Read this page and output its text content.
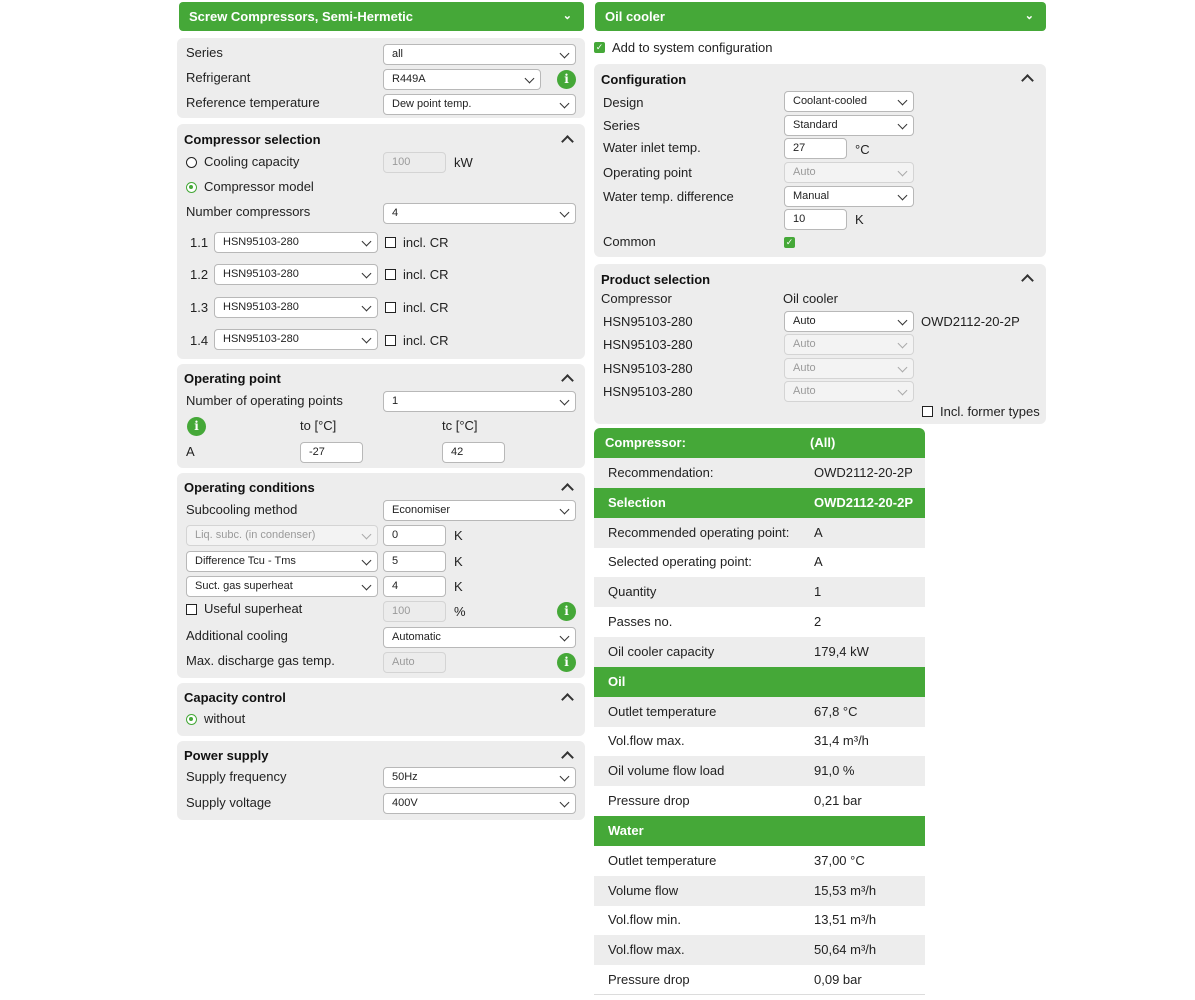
Screw Compressors, Semi-Hermetic	⌄
Series	all
Refrigerant	R449A	i
Reference temperature	Dew point temp.
Compressor selection
Cooling capacity	100	kW
Compressor model
Number compressors	4
1.1	HSN95103-280	incl. CR
1.2	HSN95103-280	incl. CR
1.3	HSN95103-280	incl. CR
1.4	HSN95103-280	incl. CR
Operating point
Number of operating points	1
i	to [°C]	tc [°C]
A	-27	42
Operating conditions
Subcooling method	Economiser
Liq. subc. (in condenser)	0	K
Difference Tcu - Tms	5	K
Suct. gas superheat	4	K
Useful superheat	100	%	i
Additional cooling	Automatic
Max. discharge gas temp.	Auto	i
Capacity control
without
Power supply
Supply frequency	50Hz
Supply voltage	400V
Oil cooler	⌄
✓ Add to system configuration
Configuration
Design	Coolant-cooled
Series	Standard
Water inlet temp.	27	°C
Operating point	Auto
Water temp. difference	Manual
10	K
Common	✓
Product selection
Compressor	Oil cooler
HSN95103-280	Auto	OWD2112-20-2P
HSN95103-280	Auto
HSN95103-280	Auto
HSN95103-280	Auto
Incl. former types
Compressor:	(All)
Recommendation:	OWD2112-20-2P
Selection	OWD2112-20-2P
Recommended operating point: A
Selected operating point:	A
Quantity	1
Passes no.	2
Oil cooler capacity	179,4 kW
Oil
Outlet temperature	67,8 °C
Vol.flow max.	31,4 m³/h
Oil volume flow load	91,0 %
Pressure drop	0,21 bar
Water
Outlet temperature	37,00 °C
Volume flow	15,53 m³/h
Vol.flow min.	13,51 m³/h
Vol.flow max.	50,64 m³/h
Pressure drop	0,09 bar
